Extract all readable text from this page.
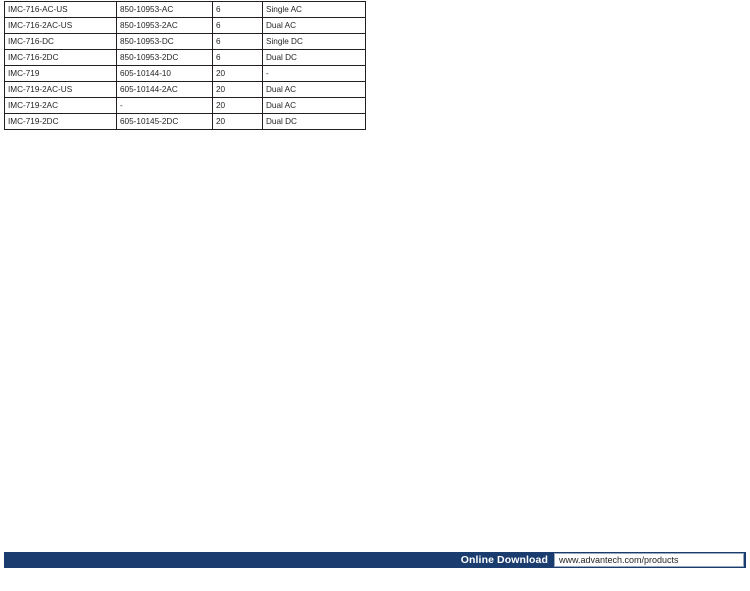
IMC-716-AC-US	850-10953-AC	6	Single AC
IMC-716-2AC-US	850-10953-2AC	6	Dual AC
IMC-716-DC	850-10953-DC	6	Single DC
IMC-716-2DC	850-10953-2DC	6	Dual DC
IMC-719	605-10144-10	20	-
IMC-719-2AC-US	605-10144-2AC	20	Dual AC
IMC-719-2AC	-	20	Dual AC
IMC-719-2DC	605-10145-2DC	20	Dual DC
Online Download	www.advantech.com/products
